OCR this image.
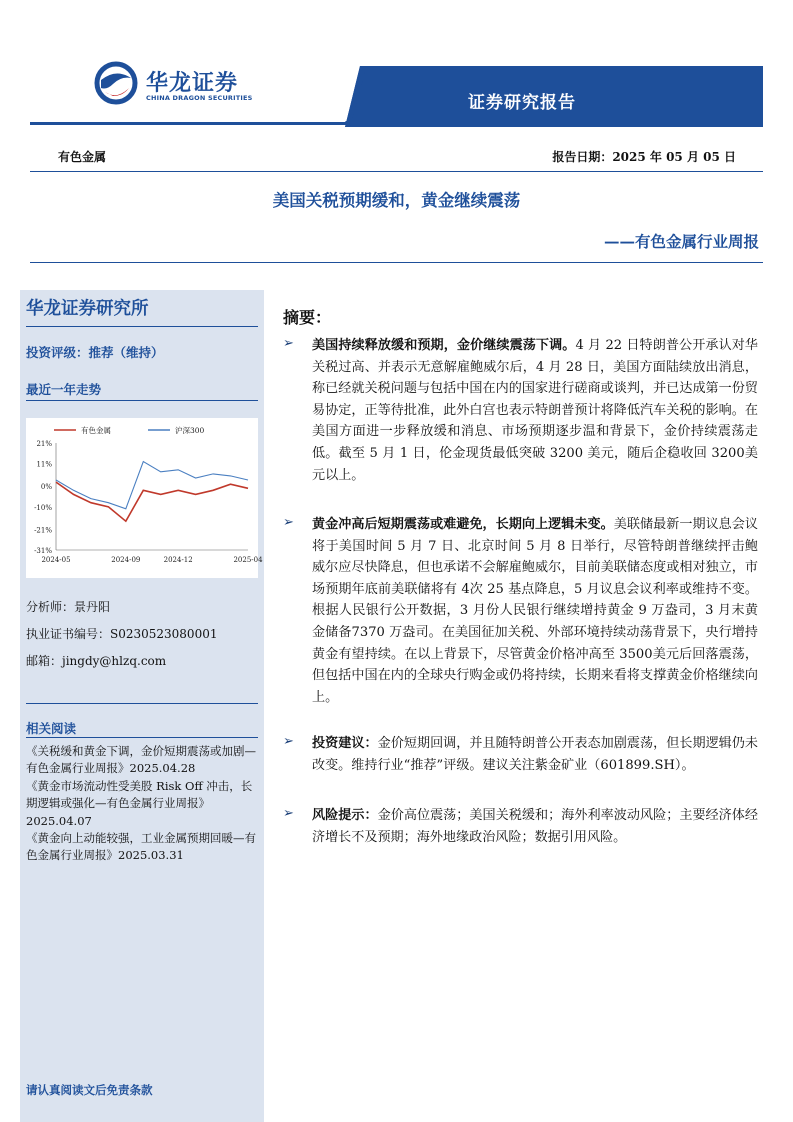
华龙证券
CHINA DRAGON SECURITIES	证券研究报告
有色金属	报告日期：2025 年 05 月 05 日
美国关税预期缓和，黄金继续震荡
——有色金属行业周报
华龙证券研究所
投资评级：推荐（维持）
最近一年走势
21%
11%
0%
-10%
-21%
-31%
2024-05	2024-09	2024-12	2025-04
有色金属	沪深300
分析师：景丹阳
执业证书编号：S0230523080001
邮箱：jingdy@hlzq.com
相关阅读
《关税缓和黄金下调，金价短期震荡或加剧—有色金属行业周报》2025.04.28
《黄金市场流动性受美股 Risk Off 冲击，长期逻辑或强化—有色金属行业周报》2025.04.07
《黄金向上动能较强，工业金属预期回暖—有色金属行业周报》2025.03.31
请认真阅读文后免责条款
摘要：
➢ 美国持续释放缓和预期，金价继续震荡下调。4 月 22 日特朗普公开承认对华关税过高、并表示无意解雇鲍威尔后，4 月 28 日，美国方面陆续放出消息，称已经就关税问题与包括中国在内的国家进行磋商或谈判，并已达成第一份贸易协定，正等待批准，此外白宫也表示特朗普预计将降低汽车关税的影响。在美国方面进一步释放缓和消息、市场预期逐步温和背景下，金价持续震荡走低。截至 5 月 1 日，伦金现货最低突破 3200 美元，随后企稳收回 3200美元以上。
➢ 黄金冲高后短期震荡或难避免，长期向上逻辑未变。美联储最新一期议息会议将于美国时间 5 月 7 日、北京时间 5 月 8 日举行，尽管特朗普继续抨击鲍威尔应尽快降息，但也承诺不会解雇鲍威尔，目前美联储态度或相对独立，市场预期年底前美联储将有 4次 25 基点降息，5 月议息会议利率或维持不变。根据人民银行公开数据，3 月份人民银行继续增持黄金 9 万盎司，3 月末黄金储备7370 万盎司。在美国征加关税、外部环境持续动荡背景下，央行增持黄金有望持续。在以上背景下，尽管黄金价格冲高至 3500美元后回落震荡，但包括中国在内的全球央行购金或仍将持续，长期来看将支撑黄金价格继续向上。
➢ 投资建议：金价短期回调，并且随特朗普公开表态加剧震荡，但长期逻辑仍未改变。维持行业“推荐”评级。建议关注紫金矿业（601899.SH）。
➢ 风险提示：金价高位震荡；美国关税缓和；海外利率波动风险；主要经济体经济增长不及预期；海外地缘政治风险；数据引用风险。
